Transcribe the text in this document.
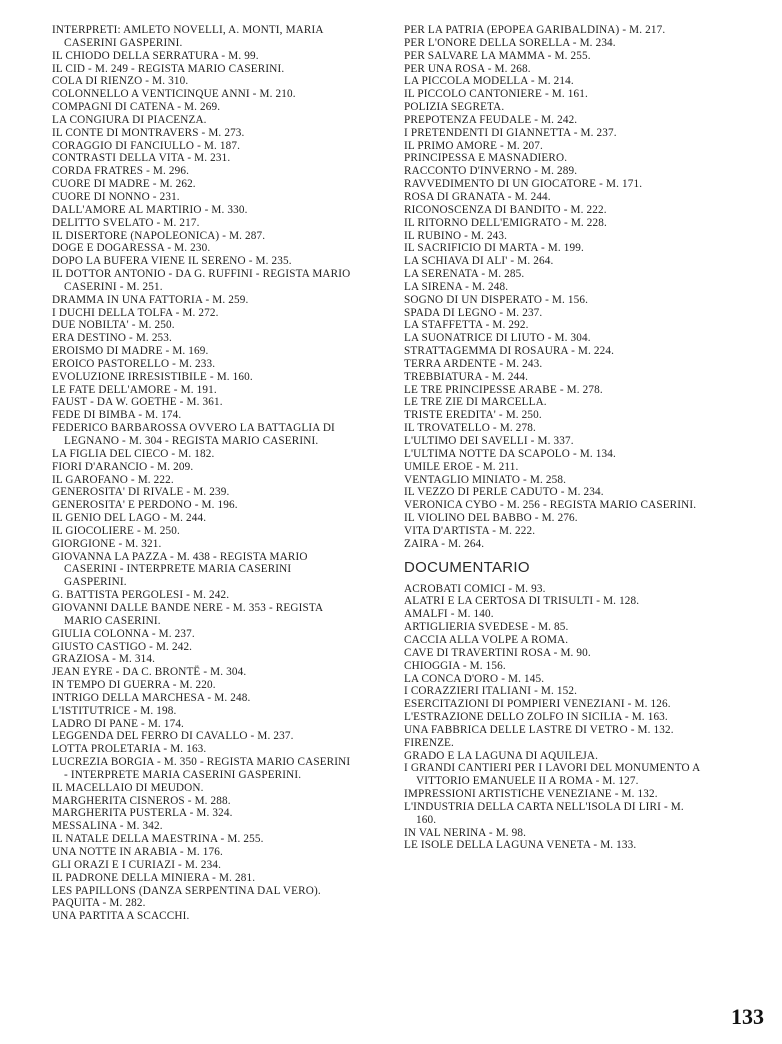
INTERPRETI: AMLETO NOVELLI, A. MONTI, MARIA CASERINI GASPERINI.
IL CHIODO DELLA SERRATURA - M. 99.
IL CID - M. 249 - REGISTA MARIO CASERINI.
COLA DI RIENZO - M. 310.
COLONNELLO A VENTICINQUE ANNI - M. 210.
COMPAGNI DI CATENA - M. 269.
LA CONGIURA DI PIACENZA.
IL CONTE DI MONTRAVERS - M. 273.
CORAGGIO DI FANCIULLO - M. 187.
CONTRASTI DELLA VITA - M. 231.
CORDA FRATRES - M. 296.
CUORE DI MADRE - M. 262.
CUORE DI NONNO - 231.
DALL'AMORE AL MARTIRIO - M. 330.
DELITTO SVELATO - M. 217.
IL DISERTORE (NAPOLEONICA) - M. 287.
DOGE E DOGARESSA - M. 230.
DOPO LA BUFERA VIENE IL SERENO - M. 235.
IL DOTTOR ANTONIO - DA G. RUFFINI - REGISTA MARIO CASERINI - M. 251.
DRAMMA IN UNA FATTORIA - M. 259.
I DUCHI DELLA TOLFA - M. 272.
DUE NOBILTA' - M. 250.
ERA DESTINO - M. 253.
EROISMO DI MADRE - M. 169.
EROICO PASTORELLO - M. 233.
EVOLUZIONE IRRESISTIBILE - M. 160.
LE FATE DELL'AMORE - M. 191.
FAUST - DA W. GOETHE - M. 361.
FEDE DI BIMBA - M. 174.
FEDERICO BARBAROSSA OVVERO LA BATTAGLIA DI LEGNANO - M. 304 - REGISTA MARIO CASERINI.
LA FIGLIA DEL CIECO - M. 182.
FIORI D'ARANCIO - M. 209.
IL GAROFANO - M. 222.
GENEROSITA' DI RIVALE - M. 239.
GENEROSITA' E PERDONO - M. 196.
IL GENIO DEL LAGO - M. 244.
IL GIOCOLIERE - M. 250.
GIORGIONE - M. 321.
GIOVANNA LA PAZZA - M. 438 - REGISTA MARIO CASERINI - INTERPRETE MARIA CASERINI GASPERINI.
G. BATTISTA PERGOLESI - M. 242.
GIOVANNI DALLE BANDE NERE - M. 353 - REGISTA MARIO CASERINI.
GIULIA COLONNA - M. 237.
GIUSTO CASTIGO - M. 242.
GRAZIOSA - M. 314.
JEAN EYRE - DA C. BRONTË - M. 304.
IN TEMPO DI GUERRA - M. 220.
INTRIGO DELLA MARCHESA - M. 248.
L'ISTITUTRICE - M. 198.
LADRO DI PANE - M. 174.
LEGGENDA DEL FERRO DI CAVALLO - M. 237.
LOTTA PROLETARIA - M. 163.
LUCREZIA BORGIA - M. 350 - REGISTA MARIO CASERINI - INTERPRETE MARIA CASERINI GASPERINI.
IL MACELLAIO DI MEUDON.
MARGHERITA CISNEROS - M. 288.
MARGHERITA PUSTERLA - M. 324.
MESSALINA - M. 342.
IL NATALE DELLA MAESTRINA - M. 255.
UNA NOTTE IN ARABIA - M. 176.
GLI ORAZI E I CURIAZI - M. 234.
IL PADRONE DELLA MINIERA - M. 281.
LES PAPILLONS (DANZA SERPENTINA DAL VERO).
PAQUITA - M. 282.
UNA PARTITA A SCACCHI.
PER LA PATRIA (EPOPEA GARIBALDINA) - M. 217.
PER L'ONORE DELLA SORELLA - M. 234.
PER SALVARE LA MAMMA - M. 255.
PER UNA ROSA - M. 268.
LA PICCOLA MODELLA - M. 214.
IL PICCOLO CANTONIERE - M. 161.
POLIZIA SEGRETA.
PREPOTENZA FEUDALE - M. 242.
I PRETENDENTI DI GIANNETTA - M. 237.
IL PRIMO AMORE - M. 207.
PRINCIPESSA E MASNADIERO.
RACCONTO D'INVERNO - M. 289.
RAVVEDIMENTO DI UN GIOCATORE - M. 171.
ROSA DI GRANATA - M. 244.
RICONOSCENZA DI BANDITO - M. 222.
IL RITORNO DELL'EMIGRATO - M. 228.
IL RUBINO - M. 243.
IL SACRIFICIO DI MARTA - M. 199.
LA SCHIAVA DI ALI' - M. 264.
LA SERENATA - M. 285.
LA SIRENA - M. 248.
SOGNO DI UN DISPERATO - M. 156.
SPADA DI LEGNO - M. 237.
LA STAFFETTA - M. 292.
LA SUONATRICE DI LIUTO - M. 304.
STRATTAGEMMA DI ROSAURA - M. 224.
TERRA ARDENTE - M. 243.
TREBBIATURA - M. 244.
LE TRE PRINCIPESSE ARABE - M. 278.
LE TRE ZIE DI MARCELLA.
TRISTE EREDITA' - M. 250.
IL TROVATELLO - M. 278.
L'ULTIMO DEI SAVELLI - M. 337.
L'ULTIMA NOTTE DA SCAPOLO - M. 134.
UMILE EROE - M. 211.
VENTAGLIO MINIATO - M. 258.
IL VEZZO DI PERLE CADUTO - M. 234.
VERONICA CYBO - M. 256 - REGISTA MARIO CASERINI.
IL VIOLINO DEL BABBO - M. 276.
VITA D'ARTISTA - M. 222.
ZAIRA - M. 264.
DOCUMENTARIO
ACROBATI COMICI - M. 93.
ALATRI E LA CERTOSA DI TRISULTI - M. 128.
AMALFI - M. 140.
ARTIGLIERIA SVEDESE - M. 85.
CACCIA ALLA VOLPE A ROMA.
CAVE DI TRAVERTINI ROSA - M. 90.
CHIOGGIA - M. 156.
LA CONCA D'ORO - M. 145.
I CORAZZIERI ITALIANI - M. 152.
ESERCITAZIONI DI POMPIERI VENEZIANI - M. 126.
L'ESTRAZIONE DELLO ZOLFO IN SICILIA - M. 163.
UNA FABBRICA DELLE LASTRE DI VETRO - M. 132.
FIRENZE.
GRADO E LA LAGUNA DI AQUILEJA.
I GRANDI CANTIERI PER I LAVORI DEL MONUMENTO A VITTORIO EMANUELE II A ROMA - M. 127.
IMPRESSIONI ARTISTICHE VENEZIANE - M. 132.
L'INDUSTRIA DELLA CARTA NELL'ISOLA DI LIRI - M. 160.
IN VAL NERINA - M. 98.
LE ISOLE DELLA LAGUNA VENETA - M. 133.
133
